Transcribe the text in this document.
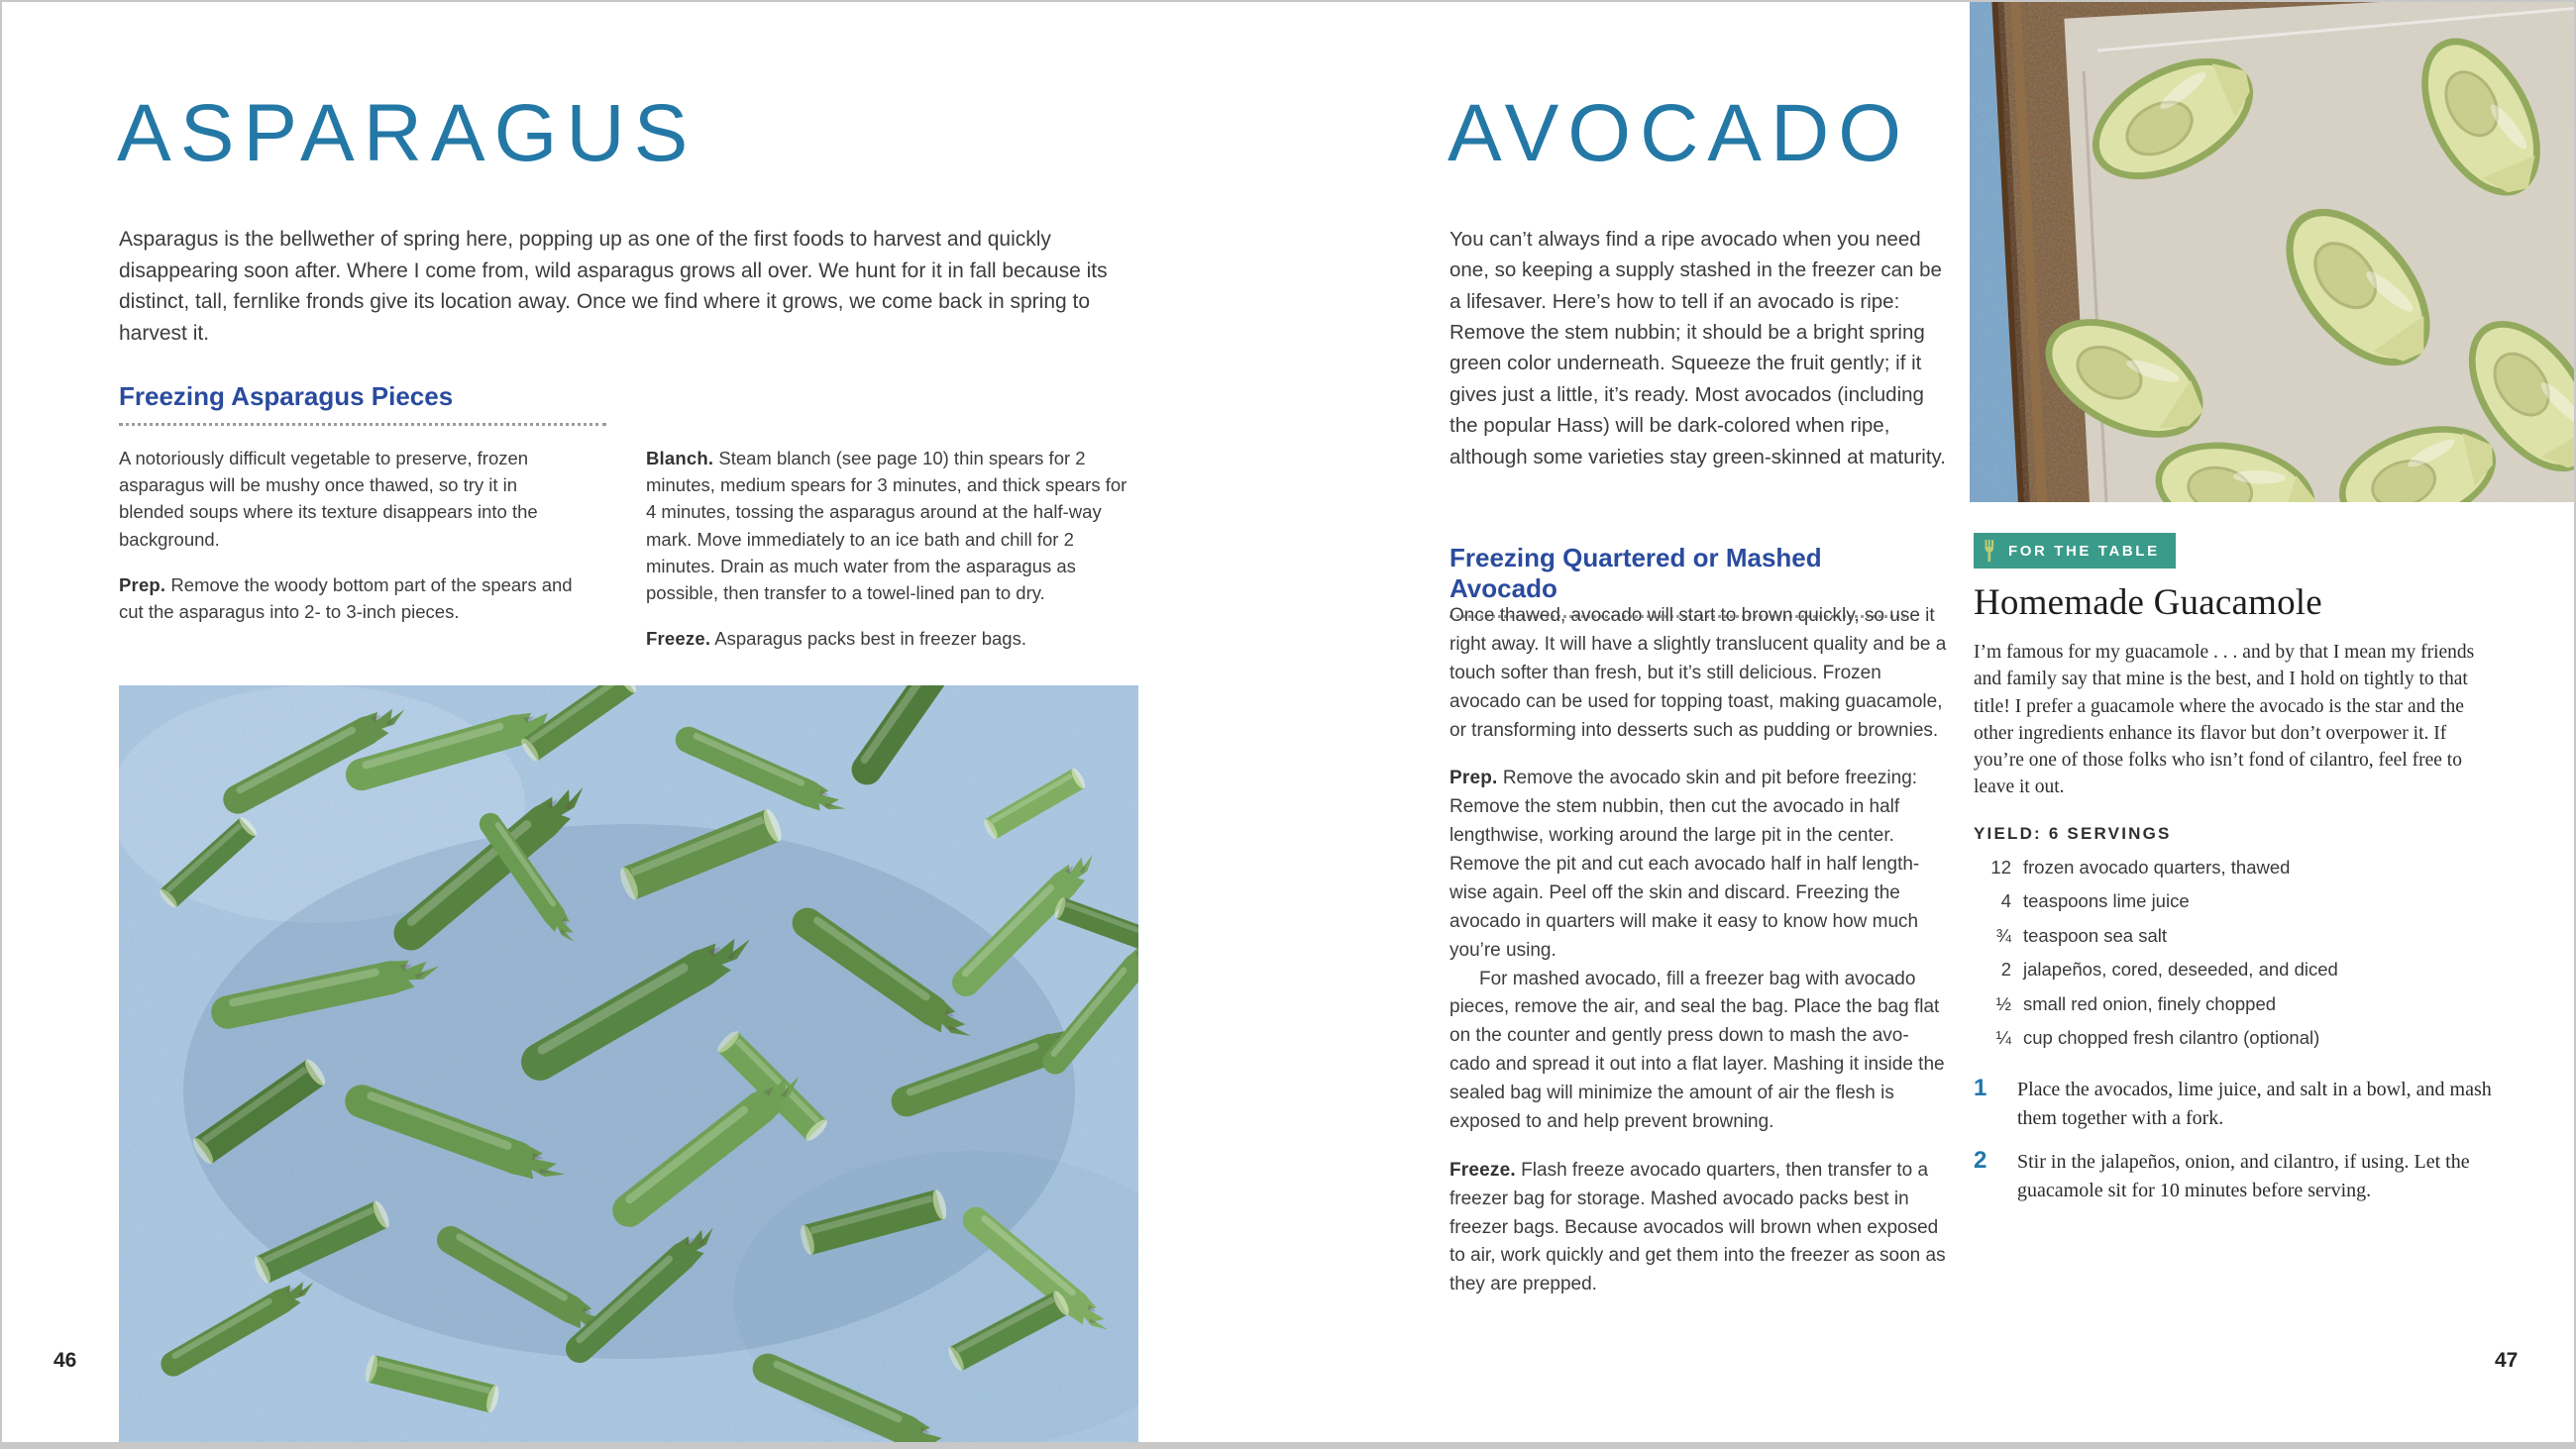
ASPARAGUS

Asparagus is the bellwether of spring here, popping up as one of the first foods to harvest and quickly disappearing soon after. Where I come from, wild asparagus grows all over. We hunt for it in fall because its distinct, tall, fernlike fronds give its location away. Once we find where it grows, we come back in spring to harvest it.

Freezing Asparagus Pieces

A notoriously difficult vegetable to preserve, frozen asparagus will be mushy once thawed, so try it in blended soups where its texture disappears into the background.

Prep. Remove the woody bottom part of the spears and cut the asparagus into 2- to 3-inch pieces.

Blanch. Steam blanch (see page 10) thin spears for 2 minutes, medium spears for 3 minutes, and thick spears for 4 minutes, tossing the asparagus around at the half-way mark. Move immediately to an ice bath and chill for 2 minutes. Drain as much water from the asparagus as possible, then transfer to a towel-lined pan to dry.

Freeze. Asparagus packs best in freezer bags.

46
AVOCADO

You can’t always find a ripe avocado when you need one, so keeping a supply stashed in the freezer can be a lifesaver. Here’s how to tell if an avocado is ripe: Remove the stem nubbin; it should be a bright spring green color underneath. Squeeze the fruit gently; if it gives just a little, it’s ready. Most avocados (including the popular Hass) will be dark-colored when ripe, although some varieties stay green-skinned at maturity.

Freezing Quartered or Mashed Avocado

Once thawed, avocado will start to brown quickly, so use it right away. It will have a slightly translucent quality and be a touch softer than fresh, but it’s still delicious. Frozen avocado can be used for topping toast, making guacamole, or transforming into desserts such as pudding or brownies.

Prep. Remove the avocado skin and pit before freezing: Remove the stem nubbin, then cut the avocado in half lengthwise, working around the large pit in the center. Remove the pit and cut each avocado half in half length-wise again. Peel off the skin and discard. Freezing the avocado in quarters will make it easy to know how much you’re using.

For mashed avocado, fill a freezer bag with avocado pieces, remove the air, and seal the bag. Place the bag flat on the counter and gently press down to mash the avo-cado and spread it out into a flat layer. Mashing it inside the sealed bag will minimize the amount of air the flesh is exposed to and help prevent browning.

Freeze. Flash freeze avocado quarters, then transfer to a freezer bag for storage. Mashed avocado packs best in freezer bags. Because avocados will brown when exposed to air, work quickly and get them into the freezer as soon as they are prepped.

FOR THE TABLE
Homemade Guacamole

I’m famous for my guacamole . . . and by that I mean my friends and family say that mine is the best, and I hold on tightly to that title! I prefer a guacamole where the avocado is the star and the other ingredients enhance its flavor but don’t overpower it. If you’re one of those folks who isn’t fond of cilantro, feel free to leave it out.

YIELD: 6 SERVINGS
12 frozen avocado quarters, thawed
4 teaspoons lime juice
¾ teaspoon sea salt
2 jalapeños, cored, deseeded, and diced
½ small red onion, finely chopped
¼ cup chopped fresh cilantro (optional)
1	Place the avocados, lime juice, and salt in a bowl, and mash them together with a fork.
2	Stir in the jalapeños, onion, and cilantro, if using. Let the guacamole sit for 10 minutes before serving.
47
